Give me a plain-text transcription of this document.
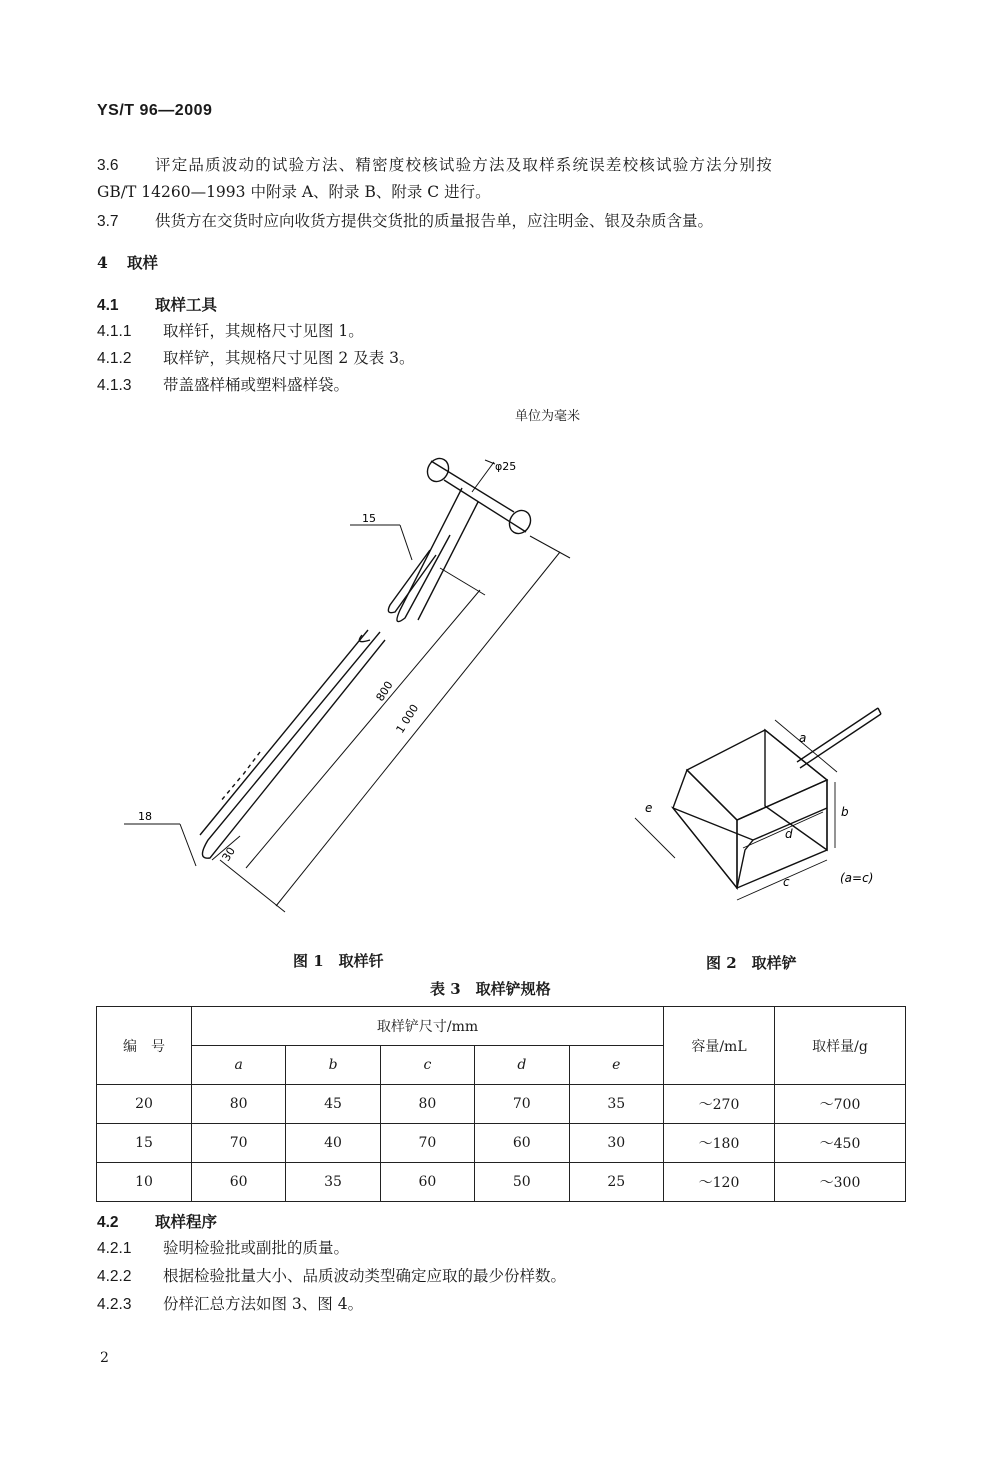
YS/T 96—2009
3.6 评定品质波动的试验方法、精密度校核试验方法及取样系统误差校核试验方法分别按
GB/T 14260—1993 中附录 A、附录 B、附录 C 进行。
3.7 供货方在交货时应向收货方提供交货批的质量报告单，应注明金、银及杂质含量。
4 取样
4.1 取样工具
4.1.1 取样钎，其规格尺寸见图 1。
4.1.2 取样铲，其规格尺寸见图 2 及表 3。
4.1.3 带盖盛样桶或塑料盛样袋。
单位为毫米
φ25
15
800
1 000
18
30
a
b
c
d
e
(a=c)
图 1　取样钎	图 2　取样铲
表 3　取样铲规格
编　号	取样铲尺寸/mm					容量/mL	取样量/g
	a	b	c	d	e		
20	80	45	80	70	35	～270	～700
15	70	40	70	60	30	～180	～450
10	60	35	60	50	25	～120	～300
4.2 取样程序
4.2.1 验明检验批或副批的质量。
4.2.2 根据检验批量大小、品质波动类型确定应取的最少份样数。
4.2.3 份样汇总方法如图 3、图 4。
2
